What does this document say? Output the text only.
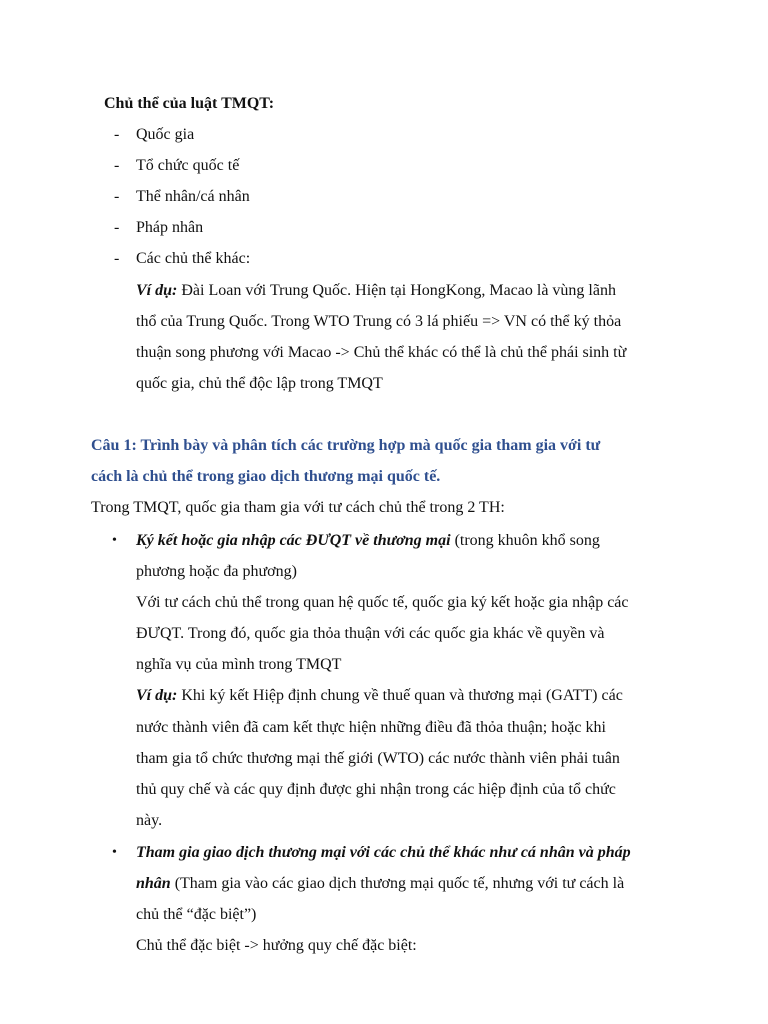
Chủ thể của luật TMQT:
- Quốc gia
- Tổ chức quốc tế
- Thể nhân/cá nhân
- Pháp nhân
- Các chủ thể khác:
Ví dụ: Đài Loan với Trung Quốc. Hiện tại HongKong, Macao là vùng lãnh
thổ của Trung Quốc. Trong WTO Trung có 3 lá phiếu => VN có thể ký thỏa
thuận song phương với Macao -> Chủ thể khác có thể là chủ thể phái sinh từ
quốc gia, chủ thể độc lập trong TMQT
Câu 1: Trình bày và phân tích các trường hợp mà quốc gia tham gia với tư
cách là chủ thể trong giao dịch thương mại quốc tế.
Trong TMQT, quốc gia tham gia với tư cách chủ thể trong 2 TH:
• Ký kết hoặc gia nhập các ĐƯQT về thương mại (trong khuôn khổ song
phương hoặc đa phương)
Với tư cách chủ thể trong quan hệ quốc tế, quốc gia ký kết hoặc gia nhập các
ĐƯQT. Trong đó, quốc gia thỏa thuận với các quốc gia khác về quyền và
nghĩa vụ của mình trong TMQT
Ví dụ: Khi ký kết Hiệp định chung về thuế quan và thương mại (GATT) các
nước thành viên đã cam kết thực hiện những điều đã thỏa thuận; hoặc khi
tham gia tổ chức thương mại thế giới (WTO) các nước thành viên phải tuân
thủ quy chế và các quy định được ghi nhận trong các hiệp định của tổ chức
này.
• Tham gia giao dịch thương mại với các chủ thể khác như cá nhân và pháp
nhân (Tham gia vào các giao dịch thương mại quốc tế, nhưng với tư cách là
chủ thể “đặc biệt”)
Chủ thể đặc biệt -> hưởng quy chế đặc biệt:
